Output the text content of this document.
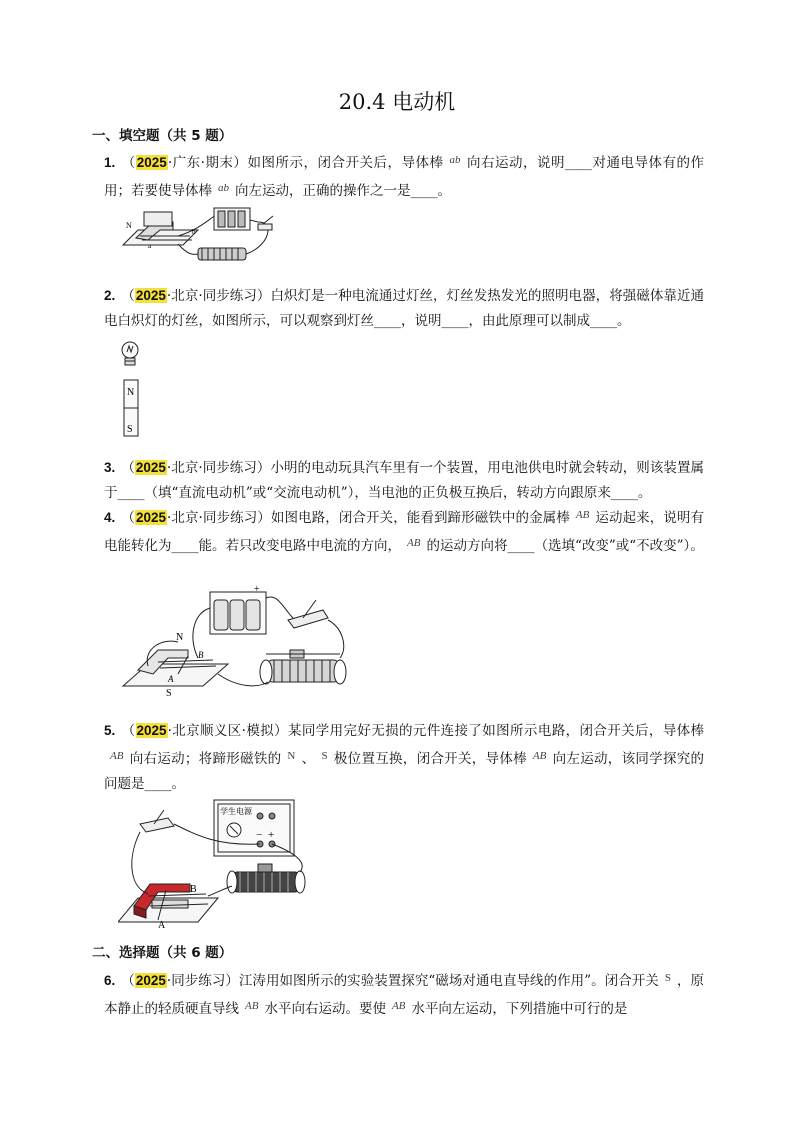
20.4 电动机
一、填空题（共 5 题）
1. （2025·广东·期末）如图所示，闭合开关后，导体棒 $^{ab}$ 向右运动，说明____对通电导体有的作用；若要使导体棒 $^{ab}$ 向左运动，正确的操作之一是____。
N
a
b
2. （2025·北京·同步练习）白炽灯是一种电流通过灯丝，灯丝发热发光的照明电器，将强磁体靠近通电白炽灯的灯丝，如图所示，可以观察到灯丝____，说明____，由此原理可以制成____。
N
S
3. （2025·北京·同步练习）小明的电动玩具汽车里有一个装置，用电池供电时就会转动，则该装置属于____（填“直流电动机”或“交流电动机”），当电池的正负极互换后，转动方向跟原来____。
4. （2025·北京·同步练习）如图电路，闭合开关，能看到蹄形磁铁中的金属棒 $^{AB}$ 运动起来，说明有电能转化为____能。若只改变电路中电流的方向， $^{AB}$ 的运动方向将____（选填“改变”或“不改变”）。
N
S
B
A
+
5. （2025·北京顺义区·模拟）某同学用完好无损的元件连接了如图所示电路，闭合开关后，导体棒$^{AB}$ 向右运动；将蹄形磁铁的 $^N$ 、 $^S$ 极位置互换，闭合开关，导体棒 $^{AB}$ 向左运动，该同学探究的问题是____。
学生电源
− +
B
A
二、选择题（共 6 题）
6. （2025·同步练习）江涛用如图所示的实验装置探究“磁场对通电直导线的作用”。闭合开关 $^S$ ，原本静止的轻质硬直导线 $^{AB}$ 水平向右运动。要使 $^{AB}$ 水平向左运动，下列措施中可行的是
